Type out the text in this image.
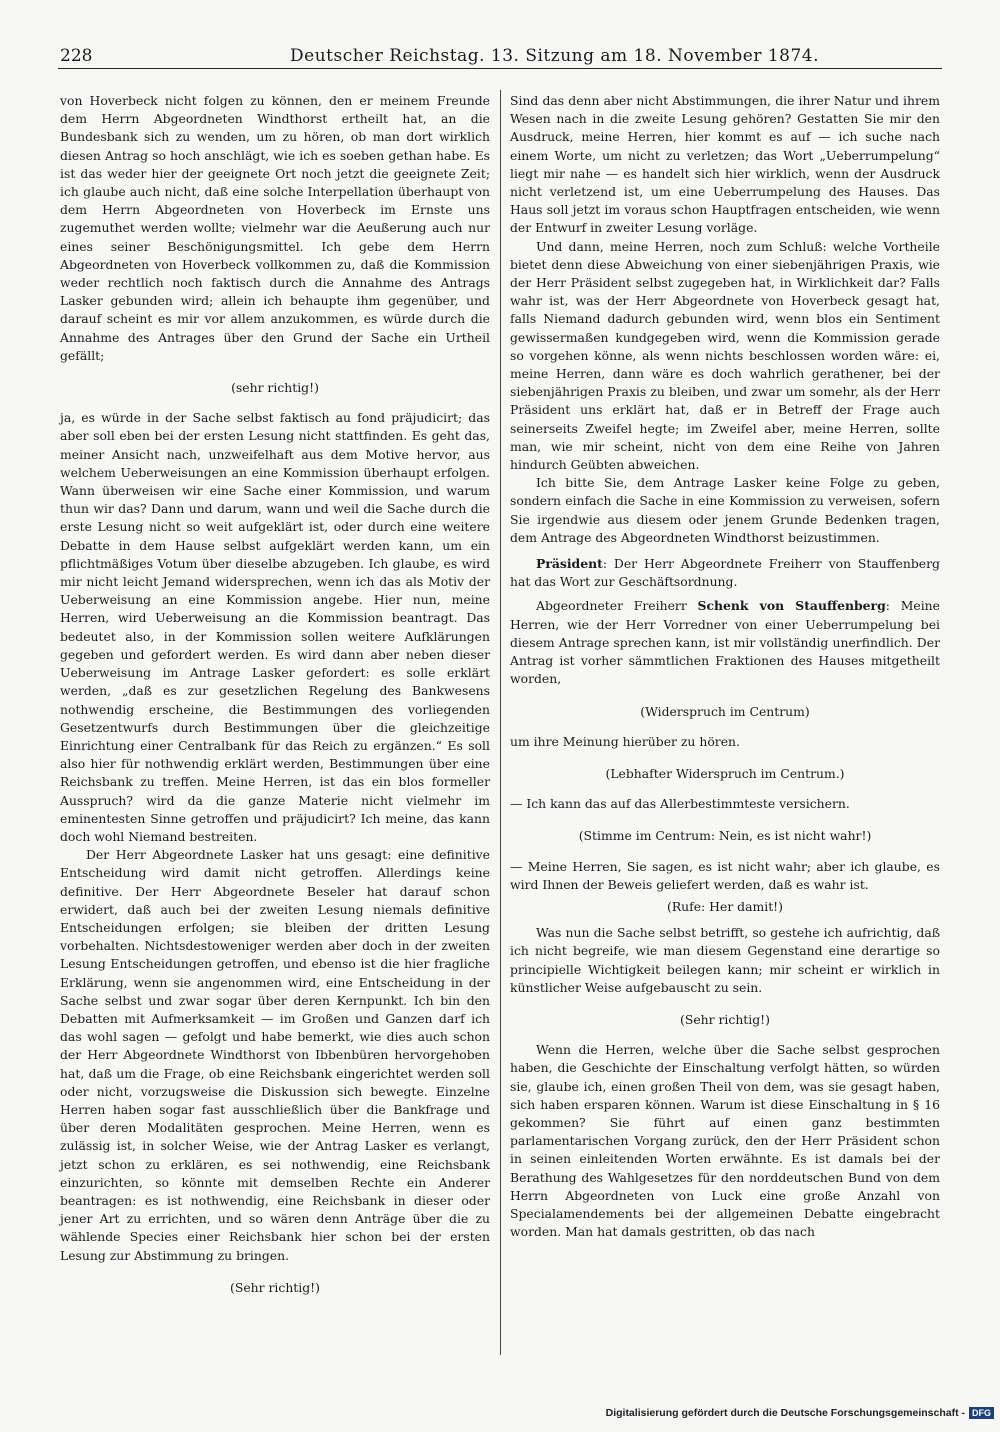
228	Deutscher Reichstag. 13. Sitzung am 18. November 1874.

von Hoverbeck nicht folgen zu können, den er meinem Freunde dem Herrn Abgeordneten Windthorst ertheilt hat, an die Bundesbank sich zu wenden, um zu hören, ob man dort wirklich diesen Antrag so hoch anschlägt, wie ich es soeben gethan habe. Es ist das weder hier der geeignete Ort noch jetzt die geeignete Zeit; ich glaube auch nicht, daß eine solche Interpellation überhaupt von dem Herrn Abgeordneten von Hoverbeck im Ernste uns zugemuthet werden wollte; vielmehr war die Aeußerung auch nur eines seiner Beschönigungsmittel. Ich gebe dem Herrn Abgeordneten von Hoverbeck vollkommen zu, daß die Kommission weder rechtlich noch faktisch durch die Annahme des Antrags Lasker gebunden wird; allein ich behaupte ihm gegenüber, und darauf scheint es mir vor allem anzukommen, es würde durch die Annahme des Antrages über den Grund der Sache ein Urtheil gefällt;

(sehr richtig!)

ja, es würde in der Sache selbst faktisch au fond präjudicirt; das aber soll eben bei der ersten Lesung nicht stattfinden. Es geht das, meiner Ansicht nach, unzweifelhaft aus dem Motive hervor, aus welchem Ueberweisungen an eine Kommission überhaupt erfolgen. Wann überweisen wir eine Sache einer Kommission, und warum thun wir das? Dann und darum, wann und weil die Sache durch die erste Lesung nicht so weit aufgeklärt ist, oder durch eine weitere Debatte in dem Hause selbst aufgeklärt werden kann, um ein pflichtmäßiges Votum über dieselbe abzugeben. Ich glaube, es wird mir nicht leicht Jemand widersprechen, wenn ich das als Motiv der Ueberweisung an eine Kommission angebe. Hier nun, meine Herren, wird Ueberweisung an die Kommission beantragt. Das bedeutet also, in der Kommission sollen weitere Aufklärungen gegeben und gefordert werden. Es wird dann aber neben dieser Ueberweisung im Antrage Lasker gefordert: es solle erklärt werden, „daß es zur gesetzlichen Regelung des Bankwesens nothwendig erscheine, die Bestimmungen des vorliegenden Gesetzentwurfs durch Bestimmungen über die gleichzeitige Einrichtung einer Centralbank für das Reich zu ergänzen.“ Es soll also hier für nothwendig erklärt werden, Bestimmungen über eine Reichsbank zu treffen. Meine Herren, ist das ein blos formeller Ausspruch? wird da die ganze Materie nicht vielmehr im eminentesten Sinne getroffen und präjudicirt? Ich meine, das kann doch wohl Niemand bestreiten.

Der Herr Abgeordnete Lasker hat uns gesagt: eine definitive Entscheidung wird damit nicht getroffen. Allerdings keine definitive. Der Herr Abgeordnete Beseler hat darauf schon erwidert, daß auch bei der zweiten Lesung niemals definitive Entscheidungen erfolgen; sie bleiben der dritten Lesung vorbehalten. Nichtsdestoweniger werden aber doch in der zweiten Lesung Entscheidungen getroffen, und ebenso ist die hier fragliche Erklärung, wenn sie angenommen wird, eine Entscheidung in der Sache selbst und zwar sogar über deren Kernpunkt. Ich bin den Debatten mit Aufmerksamkeit — im Großen und Ganzen darf ich das wohl sagen — gefolgt und habe bemerkt, wie dies auch schon der Herr Abgeordnete Windthorst von Ibbenbüren hervorgehoben hat, daß um die Frage, ob eine Reichsbank eingerichtet werden soll oder nicht, vorzugsweise die Diskussion sich bewegte. Einzelne Herren haben sogar fast ausschließlich über die Bankfrage und über deren Modalitäten gesprochen. Meine Herren, wenn es zulässig ist, in solcher Weise, wie der Antrag Lasker es verlangt, jetzt schon zu erklären, es sei nothwendig, eine Reichsbank einzurichten, so könnte mit demselben Rechte ein Anderer beantragen: es ist nothwendig, eine Reichsbank in dieser oder jener Art zu errichten, und so wären denn Anträge über die zu wählende Species einer Reichsbank hier schon bei der ersten Lesung zur Abstimmung zu bringen.

(Sehr richtig!)

Sind das denn aber nicht Abstimmungen, die ihrer Natur und ihrem Wesen nach in die zweite Lesung gehören? Gestatten Sie mir den Ausdruck, meine Herren, hier kommt es auf — ich suche nach einem Worte, um nicht zu verletzen; das Wort „Ueberrumpelung“ liegt mir nahe — es handelt sich hier wirklich, wenn der Ausdruck nicht verletzend ist, um eine Ueberrumpelung des Hauses. Das Haus soll jetzt im voraus schon Hauptfragen entscheiden, wie wenn der Entwurf in zweiter Lesung vorläge.

Und dann, meine Herren, noch zum Schluß: welche Vortheile bietet denn diese Abweichung von einer siebenjährigen Praxis, wie der Herr Präsident selbst zugegeben hat, in Wirklichkeit dar? Falls wahr ist, was der Herr Abgeordnete von Hoverbeck gesagt hat, falls Niemand dadurch gebunden wird, wenn blos ein Sentiment gewissermaßen kundgegeben wird, wenn die Kommission gerade so vorgehen könne, als wenn nichts beschlossen worden wäre: ei, meine Herren, dann wäre es doch wahrlich gerathener, bei der siebenjährigen Praxis zu bleiben, und zwar um somehr, als der Herr Präsident uns erklärt hat, daß er in Betreff der Frage auch seinerseits Zweifel hegte; im Zweifel aber, meine Herren, sollte man, wie mir scheint, nicht von dem eine Reihe von Jahren hindurch Geübten abweichen.

Ich bitte Sie, dem Antrage Lasker keine Folge zu geben, sondern einfach die Sache in eine Kommission zu verweisen, sofern Sie irgendwie aus diesem oder jenem Grunde Bedenken tragen, dem Antrage des Abgeordneten Windthorst beizustimmen.

Präsident: Der Herr Abgeordnete Freiherr von Stauffenberg hat das Wort zur Geschäftsordnung.

Abgeordneter Freiherr Schenk von Stauffenberg: Meine Herren, wie der Herr Vorredner von einer Ueberrumpelung bei diesem Antrage sprechen kann, ist mir vollständig unerfindlich. Der Antrag ist vorher sämmtlichen Fraktionen des Hauses mitgetheilt worden,

(Widerspruch im Centrum)

um ihre Meinung hierüber zu hören.

(Lebhafter Widerspruch im Centrum.)

— Ich kann das auf das Allerbestimmteste versichern.

(Stimme im Centrum: Nein, es ist nicht wahr!)

— Meine Herren, Sie sagen, es ist nicht wahr; aber ich glaube, es wird Ihnen der Beweis geliefert werden, daß es wahr ist.

(Rufe: Her damit!)

Was nun die Sache selbst betrifft, so gestehe ich aufrichtig, daß ich nicht begreife, wie man diesem Gegenstand eine derartige so principielle Wichtigkeit beilegen kann; mir scheint er wirklich in künstlicher Weise aufgebauscht zu sein.

(Sehr richtig!)

Wenn die Herren, welche über die Sache selbst gesprochen haben, die Geschichte der Einschaltung verfolgt hätten, so würden sie, glaube ich, einen großen Theil von dem, was sie gesagt haben, sich haben ersparen können. Warum ist diese Einschaltung in § 16 gekommen? Sie führt auf einen ganz bestimmten parlamentarischen Vorgang zurück, den der Herr Präsident schon in seinen einleitenden Worten erwähnte. Es ist damals bei der Berathung des Wahlgesetzes für den norddeutschen Bund von dem Herrn Abgeordneten von Luck eine große Anzahl von Specialamendements bei der allgemeinen Debatte eingebracht worden. Man hat damals gestritten, ob das nach

Digitalisierung gefördert durch die Deutsche Forschungsgemeinschaft - DFG
